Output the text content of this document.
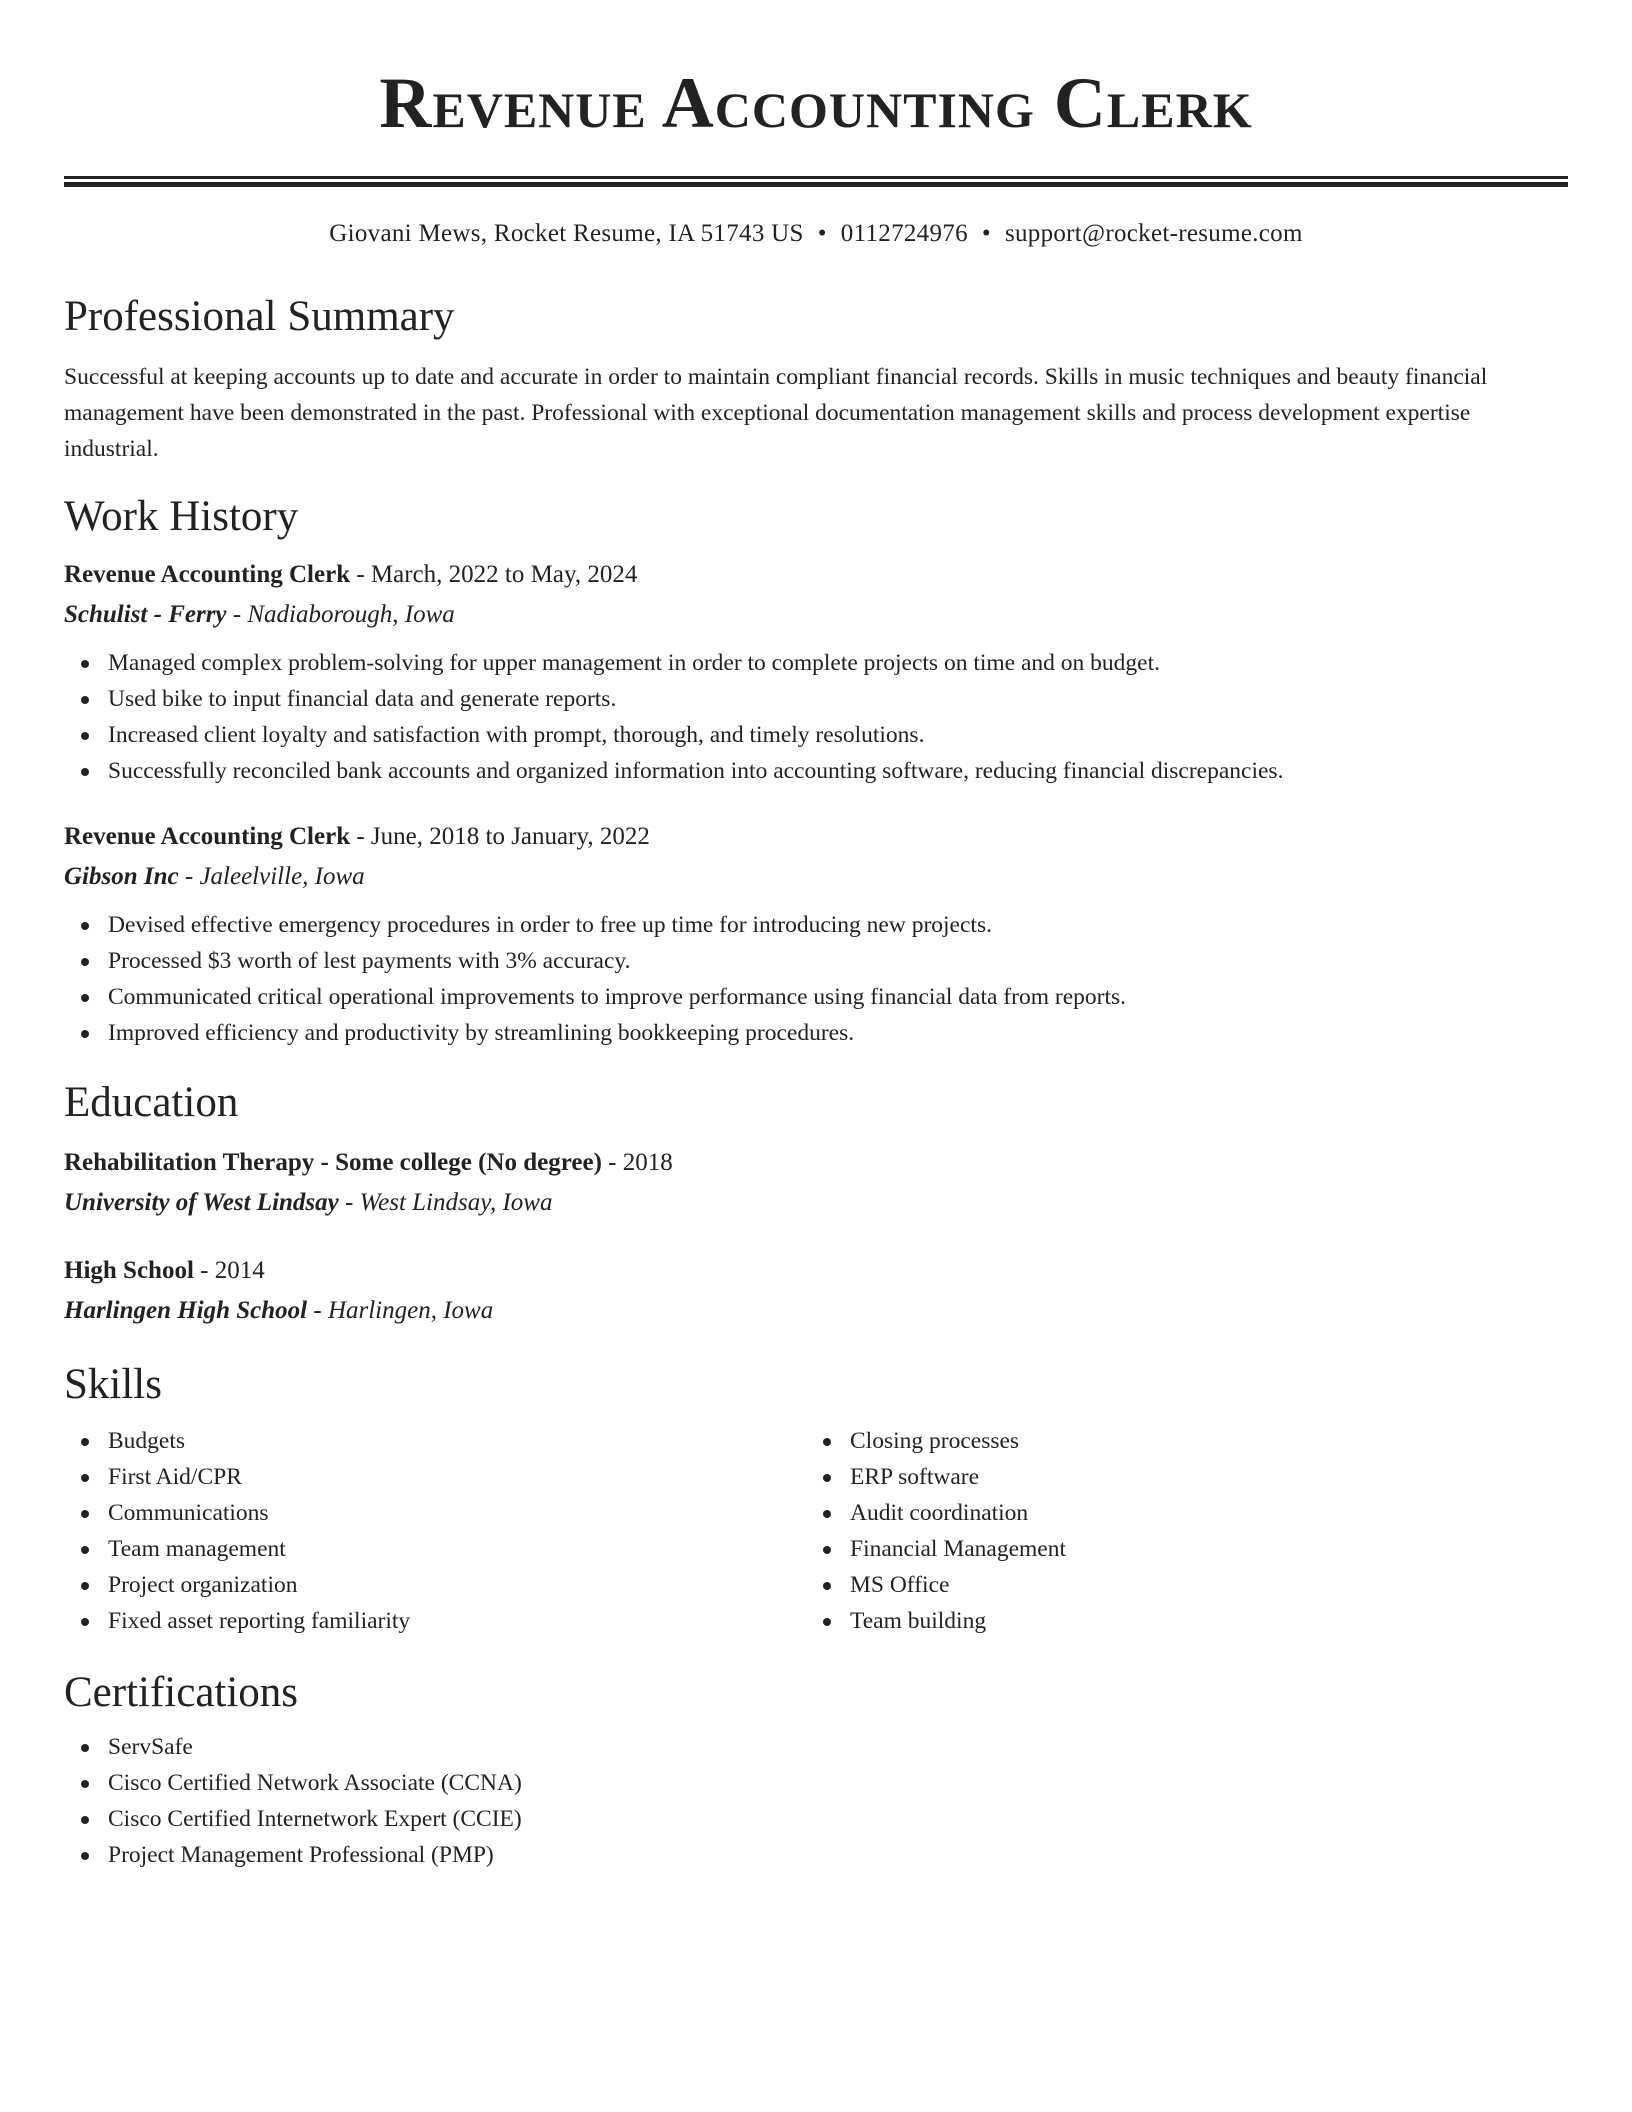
Revenue Accounting Clerk
Giovani Mews, Rocket Resume, IA 51743 US • 0112724976 • support@rocket-resume.com
Professional Summary

Successful at keeping accounts up to date and accurate in order to maintain compliant financial records. Skills in music techniques and beauty financial management have been demonstrated in the past. Professional with exceptional documentation management skills and process development expertise industrial.

Work History
Revenue Accounting Clerk - March, 2022 to May, 2024
Schulist - Ferry - Nadiaborough, Iowa
Managed complex problem-solving for upper management in order to complete projects on time and on budget.
Used bike to input financial data and generate reports.
Increased client loyalty and satisfaction with prompt, thorough, and timely resolutions.
Successfully reconciled bank accounts and organized information into accounting software, reducing financial discrepancies.
Revenue Accounting Clerk - June, 2018 to January, 2022
Gibson Inc - Jaleelville, Iowa
Devised effective emergency procedures in order to free up time for introducing new projects.
Processed $3 worth of lest payments with 3% accuracy.
Communicated critical operational improvements to improve performance using financial data from reports.
Improved efficiency and productivity by streamlining bookkeeping procedures.
Education
Rehabilitation Therapy - Some college (No degree) - 2018
University of West Lindsay - West Lindsay, Iowa
High School - 2014
Harlingen High School - Harlingen, Iowa
Skills
Budgets
First Aid/CPR
Communications
Team management
Project organization
Fixed asset reporting familiarity
Closing processes
ERP software
Audit coordination
Financial Management
MS Office
Team building
Certifications
ServSafe
Cisco Certified Network Associate (CCNA)
Cisco Certified Internetwork Expert (CCIE)
Project Management Professional (PMP)
